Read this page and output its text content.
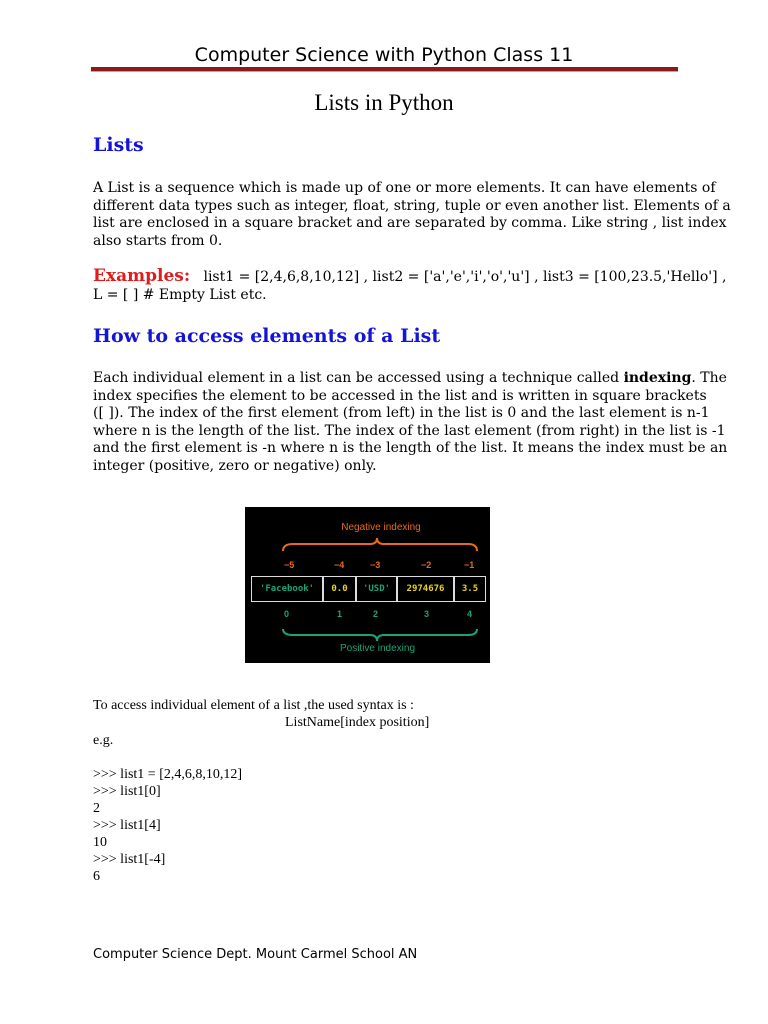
Computer Science with Python Class 11
Lists in Python
Lists
A List is a sequence which is made up of one or more elements. It can have elements of
different data types such as integer, float, string, tuple or even another list. Elements of a
list are enclosed in a square bracket and are separated by comma. Like string , list index
also starts from 0.
Examples: list1 = [2,4,6,8,10,12] , list2 = ['a','e','i','o','u'] , list3 = [100,23.5,'Hello'] ,
L = [ ] # Empty List etc.
How to access elements of a List
Each individual element in a list can be accessed using a technique called indexing. The
index specifies the element to be accessed in the list and is written in square brackets
([ ]). The index of the first element (from left) in the list is 0 and the last element is n-1
where n is the length of the list. The index of the last element (from right) in the list is -1
and the first element is -n where n is the length of the list. It means the index must be an
integer (positive, zero or negative) only.
Negative indexing
−5	−4	−3	−2	−1
'Facebook'	0.0	'USD'	2974676	3.5
0	1	2	3	4
Positive indexing
To access individual element of a list ,the used syntax is :
ListName[index position]
e.g.
>>> list1 = [2,4,6,8,10,12]
>>> list1[0]
2
>>> list1[4]
10
>>> list1[-4]
6
Computer Science Dept. Mount Carmel School AN
